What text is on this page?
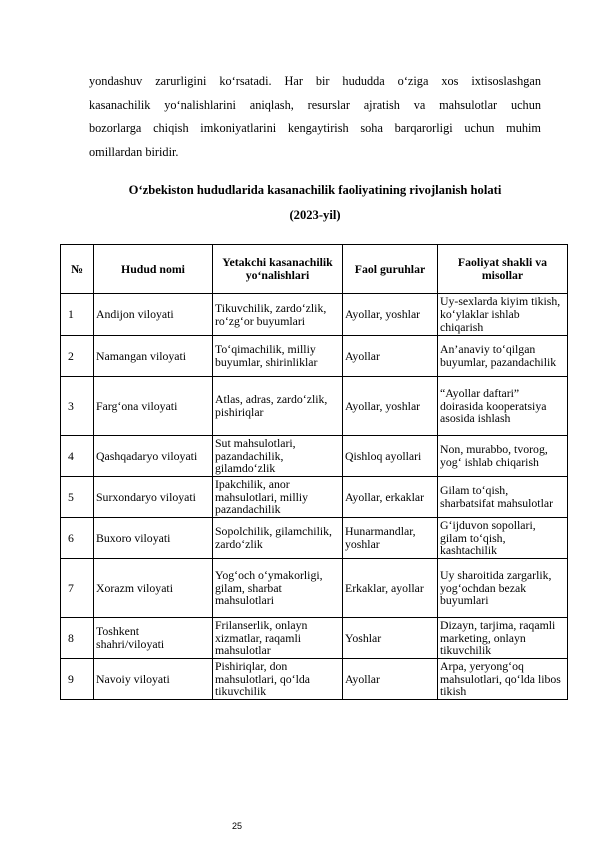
yondashuv zarurligini ko‘rsatadi. Har bir hududda o‘ziga xos ixtisoslashgan
kasanachilik yo‘nalishlarini aniqlash, resurslar ajratish va mahsulotlar uchun
bozorlarga chiqish imkoniyatlarini kengaytirish soha barqarorligi uchun muhim
omillardan biridir.
O‘zbekiston hududlarida kasanachilik faoliyatining rivojlanish holati
(2023-yil)
№	Hudud nomi	Yetakchi kasanachilik yo‘nalishlari	Faol guruhlar	Faoliyat shakli va misollar
1	Andijon viloyati	Tikuvchilik, zardo‘zlik, ro‘zg‘or buyumlari	Ayollar, yoshlar	Uy-sexlarda kiyim tikish, ko‘ylaklar ishlab chiqarish
2	Namangan viloyati	To‘qimachilik, milliy buyumlar, shirinliklar	Ayollar	An’anaviy to‘qilgan buyumlar, pazandachilik
3	Farg‘ona viloyati	Atlas, adras, zardo‘zlik, pishiriqlar	Ayollar, yoshlar	“Ayollar daftari” doirasida kooperatsiya asosida ishlash
4	Qashqadaryo viloyati	Sut mahsulotlari, pazandachilik, gilamdo‘zlik	Qishloq ayollari	Non, murabbo, tvorog, yog‘ ishlab chiqarish
5	Surxondaryo viloyati	Ipakchilik, anor mahsulotlari, milliy pazandachilik	Ayollar, erkaklar	Gilam to‘qish, sharbatsifat mahsulotlar
6	Buxoro viloyati	Sopolchilik, gilamchilik, zardo‘zlik	Hunarmandlar, yoshlar	G‘ijduvon sopollari, gilam to‘qish, kashtachilik
7	Xorazm viloyati	Yog‘och o‘ymakorligi, gilam, sharbat mahsulotlari	Erkaklar, ayollar	Uy sharoitida zargarlik, yog‘ochdan bezak buyumlari
8	Toshkent shahri/viloyati	Frilanserlik, onlayn xizmatlar, raqamli mahsulotlar	Yoshlar	Dizayn, tarjima, raqamli marketing, onlayn tikuvchilik
9	Navoiy viloyati	Pishiriqlar, don mahsulotlari, qo‘lda tikuvchilik	Ayollar	Arpa, yeryong‘oq mahsulotlari, qo‘lda libos tikish
25
